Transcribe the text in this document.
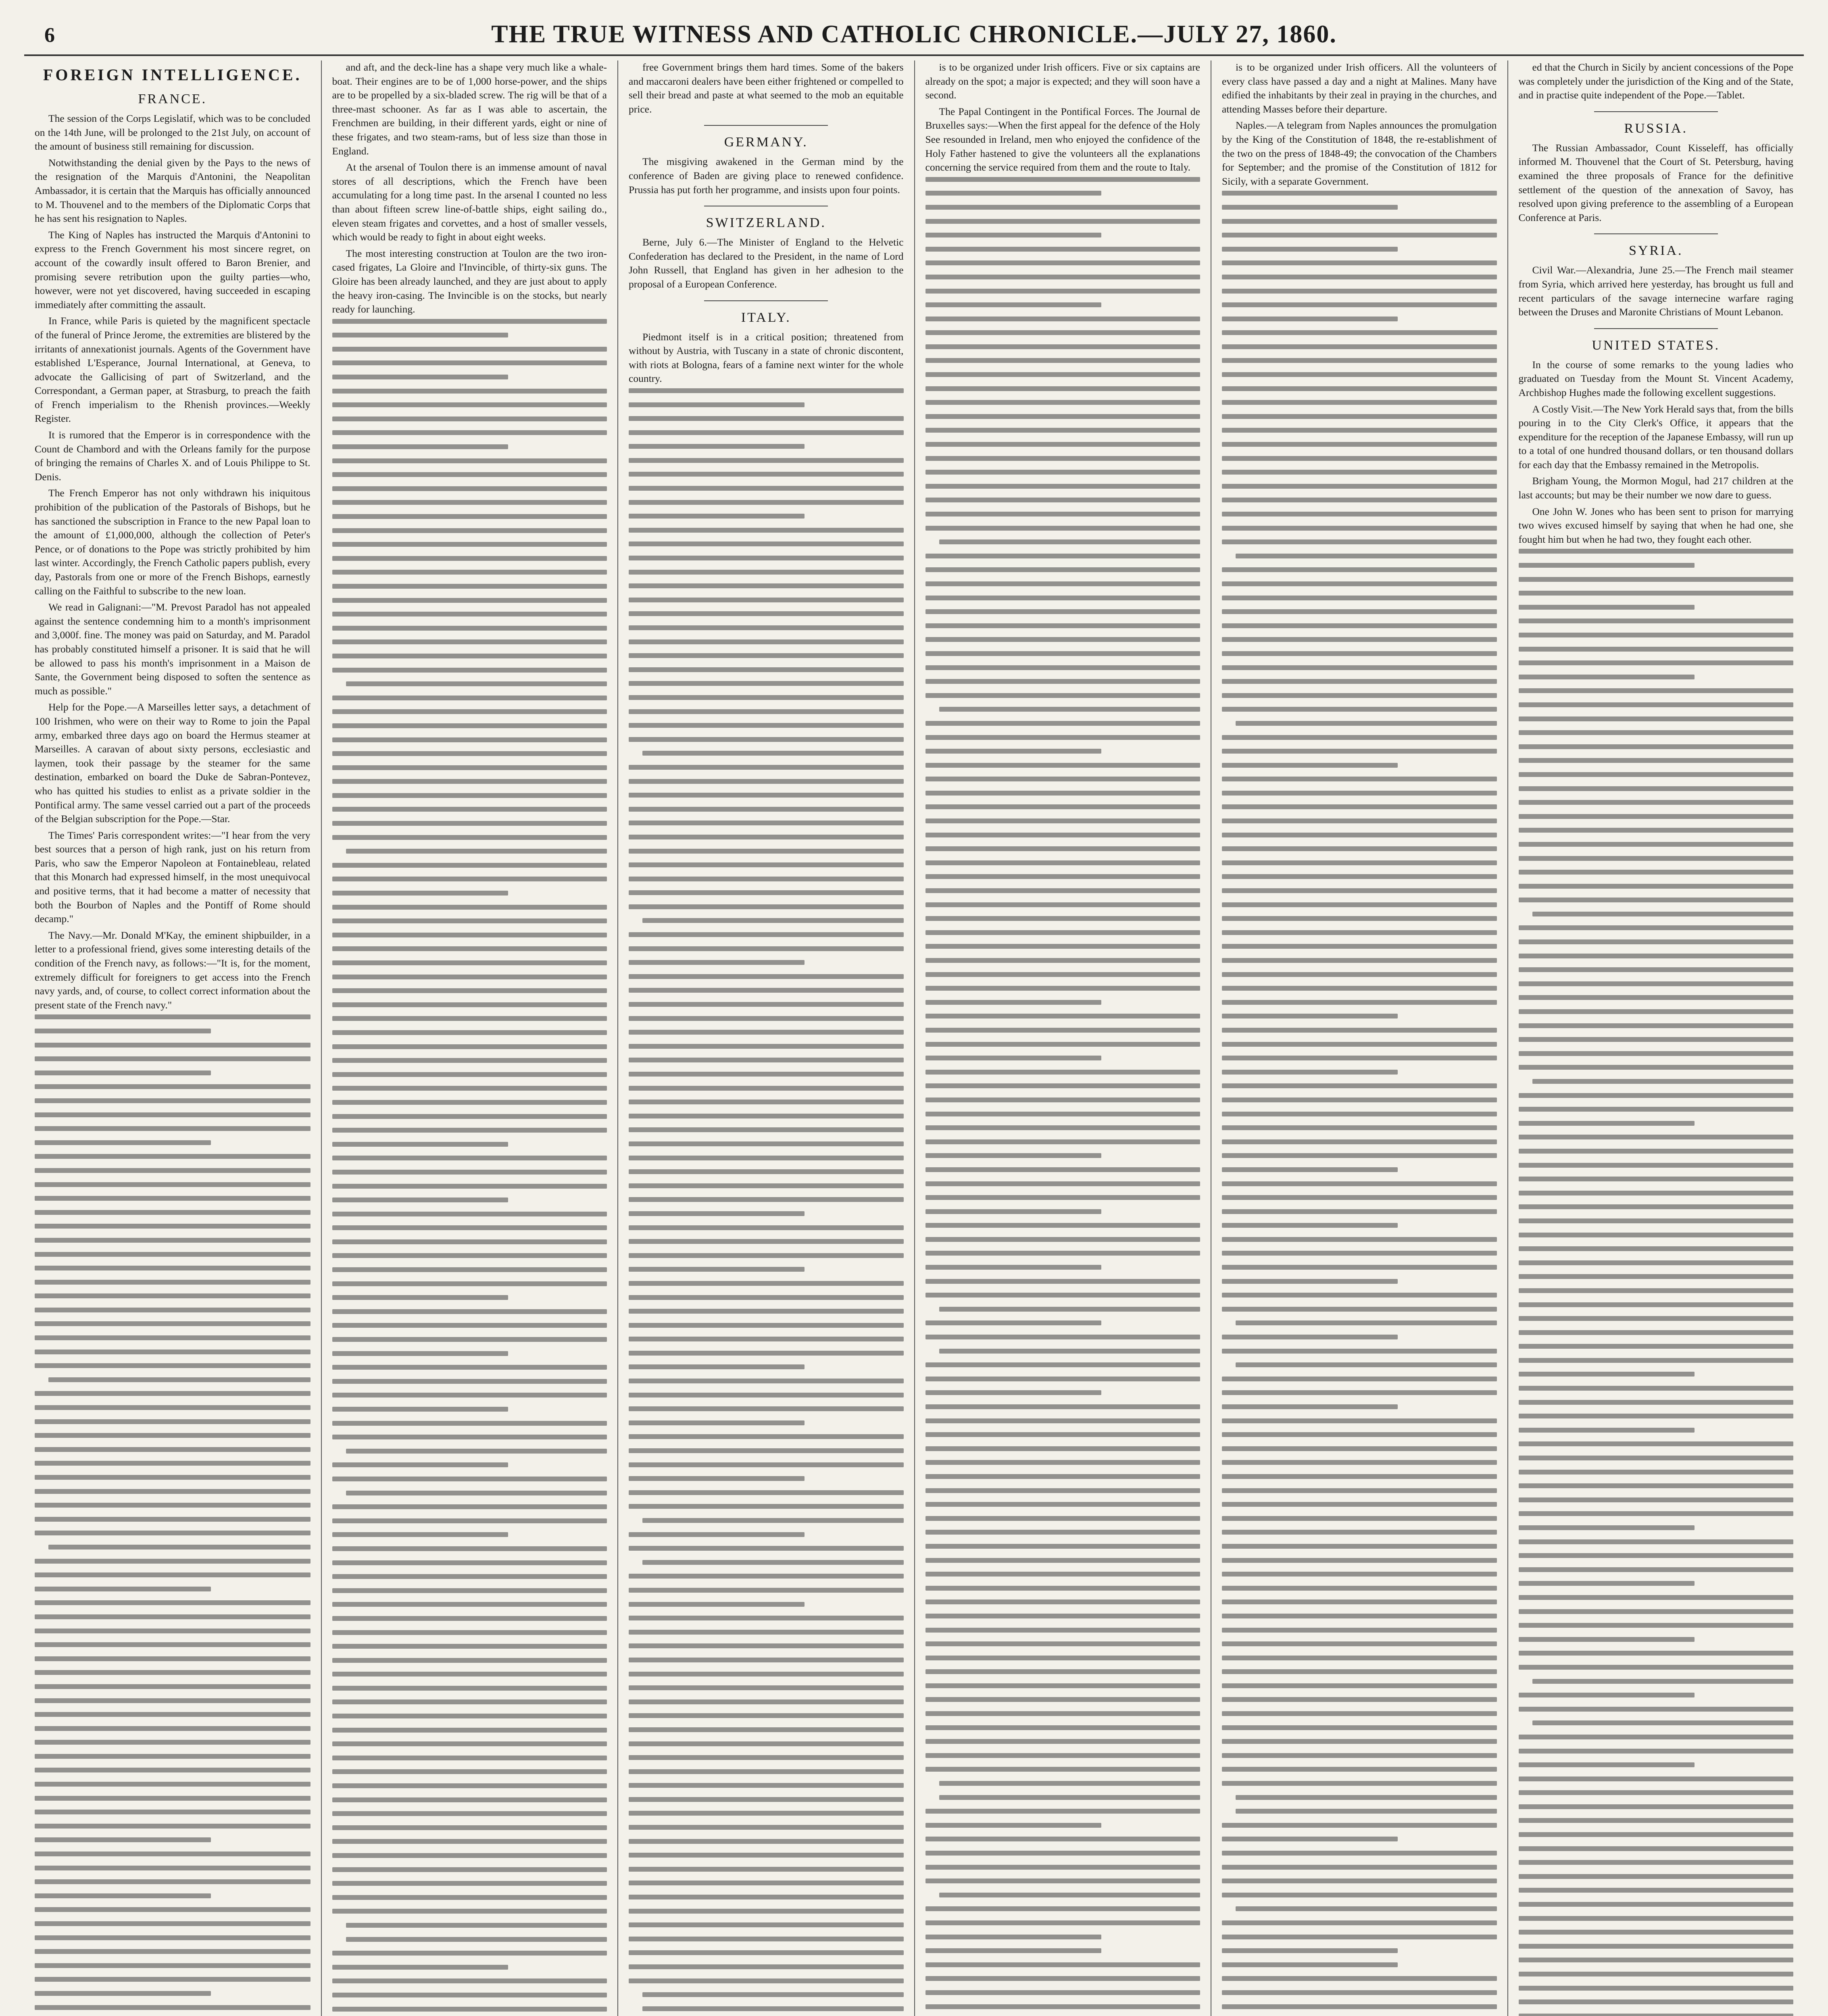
6	THE TRUE WITNESS AND CATHOLIC CHRONICLE.—JULY 27, 1860.
FOREIGN INTELLIGENCE.
FRANCE.

The session of the Corps Legislatif, which was to be concluded on the 14th June, will be prolonged to the 21st July, on account of the amount of business still remaining for discussion.

Notwithstanding the denial given by the Pays to the news of the resignation of the Marquis d'Antonini, the Neapolitan Ambassador, it is certain that the Marquis has officially announced to M. Thouvenel and to the members of the Diplomatic Corps that he has sent his resignation to Naples.

The King of Naples has instructed the Marquis d'Antonini to express to the French Government his most sincere regret, on account of the cowardly insult offered to Baron Brenier, and promising severe retribution upon the guilty parties—who, however, were not yet discovered, having succeeded in escaping immediately after committing the assault.

In France, while Paris is quieted by the magnificent spectacle of the funeral of Prince Jerome, the extremities are blistered by the irritants of annexationist journals. Agents of the Government have established L'Esperance, Journal International, at Geneva, to advocate the Gallicising of part of Switzerland, and the Correspondant, a German paper, at Strasburg, to preach the faith of French imperialism to the Rhenish provinces.—Weekly Register.

It is rumored that the Emperor is in correspondence with the Count de Chambord and with the Orleans family for the purpose of bringing the remains of Charles X. and of Louis Philippe to St. Denis.

The French Emperor has not only withdrawn his iniquitous prohibition of the publication of the Pastorals of Bishops, but he has sanctioned the subscription in France to the new Papal loan to the amount of £1,000,000, although the collection of Peter's Pence, or of donations to the Pope was strictly prohibited by him last winter. Accordingly, the French Catholic papers publish, every day, Pastorals from one or more of the French Bishops, earnestly calling on the Faithful to subscribe to the new loan.

We read in Galignani:—"M. Prevost Paradol has not appealed against the sentence condemning him to a month's imprisonment and 3,000f. fine. The money was paid on Saturday, and M. Paradol has probably constituted himself a prisoner. It is said that he will be allowed to pass his month's imprisonment in a Maison de Sante, the Government being disposed to soften the sentence as much as possible."

Help for the Pope.—A Marseilles letter says, a detachment of 100 Irishmen, who were on their way to Rome to join the Papal army, embarked three days ago on board the Hermus steamer at Marseilles. A caravan of about sixty persons, ecclesiastic and laymen, took their passage by the steamer for the same destination, embarked on board the Duke de Sabran-Pontevez, who has quitted his studies to enlist as a private soldier in the Pontifical army. The same vessel carried out a part of the proceeds of the Belgian subscription for the Pope.—Star.

The Times' Paris correspondent writes:—"I hear from the very best sources that a person of high rank, just on his return from Paris, who saw the Emperor Napoleon at Fontainebleau, related that this Monarch had expressed himself, in the most unequivocal and positive terms, that it had become a matter of necessity that both the Bourbon of Naples and the Pontiff of Rome should decamp."

The Navy.—Mr. Donald M'Kay, the eminent shipbuilder, in a letter to a professional friend, gives some interesting details of the condition of the French navy, as follows:—"It is, for the moment, extremely difficult for foreigners to get access into the French navy yards, and, of course, to collect correct information about the present state of the French navy."

and aft, and the deck-line has a shape very much like a whale-boat. Their engines are to be of 1,000 horse-power, and the ships are to be propelled by a six-bladed screw. The rig will be that of a three-mast schooner. As far as I was able to ascertain, the Frenchmen are building, in their different yards, eight or nine of these frigates, and two steam-rams, but of less size than those in England.

At the arsenal of Toulon there is an immense amount of naval stores of all descriptions, which the French have been accumulating for a long time past. In the arsenal I counted no less than about fifteen screw line-of-battle ships, eight sailing do., eleven steam frigates and corvettes, and a host of smaller vessels, which would be ready to fight in about eight weeks.

The most interesting construction at Toulon are the two iron-cased frigates, La Gloire and l'Invincible, of thirty-six guns. The Gloire has been already launched, and they are just about to apply the heavy iron-casing. The Invincible is on the stocks, but nearly ready for launching.

free Government brings them hard times. Some of the bakers and maccaroni dealers have been either frightened or compelled to sell their bread and paste at what seemed to the mob an equitable price.

GERMANY.

The misgiving awakened in the German mind by the conference of Baden are giving place to renewed confidence. Prussia has put forth her programme, and insists upon four points.

SWITZERLAND.

Berne, July 6.—The Minister of England to the Helvetic Confederation has declared to the President, in the name of Lord John Russell, that England has given in her adhesion to the proposal of a European Conference.

ITALY.

Piedmont itself is in a critical position; threatened from without by Austria, with Tuscany in a state of chronic discontent, with riots at Bologna, fears of a famine next winter for the whole country.

is to be organized under Irish officers. Five or six captains are already on the spot; a major is expected; and they will soon have a second.

The Papal Contingent in the Pontifical Forces. The Journal de Bruxelles says:—When the first appeal for the defence of the Holy See resounded in Ireland, men who enjoyed the confidence of the Holy Father hastened to give the volunteers all the explanations concerning the service required from them and the route to Italy.

is to be organized under Irish officers. All the volunteers of every class have passed a day and a night at Malines. Many have edified the inhabitants by their zeal in praying in the churches, and attending Masses before their departure.

Naples.—A telegram from Naples announces the promulgation by the King of the Constitution of 1848, the re-establishment of the two on the press of 1848-49; the convocation of the Chambers for September; and the promise of the Constitution of 1812 for Sicily, with a separate Government.

ed that the Church in Sicily by ancient concessions of the Pope was completely under the jurisdiction of the King and of the State, and in practise quite independent of the Pope.—Tablet.

RUSSIA.

The Russian Ambassador, Count Kisseleff, has officially informed M. Thouvenel that the Court of St. Petersburg, having examined the three proposals of France for the definitive settlement of the question of the annexation of Savoy, has resolved upon giving preference to the assembling of a European Conference at Paris.

SYRIA.

Civil War.—Alexandria, June 25.—The French mail steamer from Syria, which arrived here yesterday, has brought us full and recent particulars of the savage internecine warfare raging between the Druses and Maronite Christians of Mount Lebanon.

UNITED STATES.

In the course of some remarks to the young ladies who graduated on Tuesday from the Mount St. Vincent Academy, Archbishop Hughes made the following excellent suggestions.

A Costly Visit.—The New York Herald says that, from the bills pouring in to the City Clerk's Office, it appears that the expenditure for the reception of the Japanese Embassy, will run up to a total of one hundred thousand dollars, or ten thousand dollars for each day that the Embassy remained in the Metropolis.

Brigham Young, the Mormon Mogul, had 217 children at the last accounts; but may be their number we now dare to guess.

One John W. Jones who has been sent to prison for marrying two wives excused himself by saying that when he had one, she fought him but when he had two, they fought each other.
